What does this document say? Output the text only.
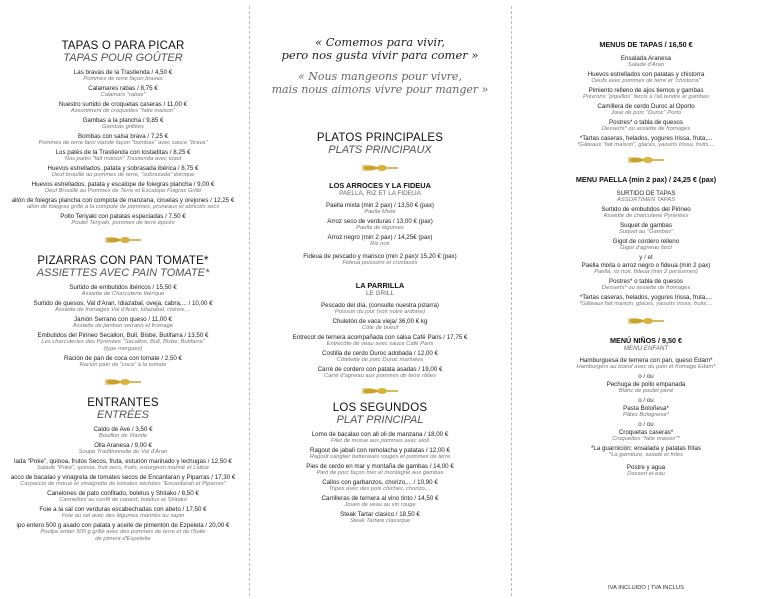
TAPAS O PARA PICAR
TAPAS POUR GOÛTER
Las bravas de la Trastienda / 4,50 €
Pommes de terre façon bravas
Calamares rabas / 8,75 €
Calamars "rabas"
Nuestro surtido de croquetas caseras / 11,00 €
Assortiment de croquettes "faite maison"
Gambas a la plancha / 9,85 €
Gambas grillées
Bombas con salsa brava / 7,25 €
Pommes de terre farci viande façon "bombas" avec sauce "brava"
Los patés de la Trastienda con tostaditas / 8,25 €
Nos patés "fait maison" Trastienda avec toast
Huevos estrellados, patata y sobrasada ibérica / 8,75 €
Oeuf brouillé au pommes de terre, "sobrasada" ibérique
Huevos estrellados, patata y escalope de foiegras plancha / 9,00 €
Oeuf Brouillé au Pommes de Terre et Escalope Foigras Grillé
allón de foiegras plancha con compota de manzana, ciruelas y orejones / 12,25 €
allon de foiegras grillé à la compote de pommes, pruneaux et abricots secs
Pollo Teriyaki con patatas especiadas / 7,50 €
Poulet Teriyaki, pommes de terre épicés
PIZARRAS CON PAN TOMATE*
ASSIETTES AVEC PAIN TOMATE*
Surtido de embutidos ibéricos / 15,50 €
Assiette de Charcuterie Ibérique
Surtido de quesos, Val d'Aran, Idiazabal, oveja, cabra,... / 10,00 €
Assiette de fromages Val d'Aran, Idiazabal, chèvre,...
Jamón Serrano con queso / 11,00 €
Assiette de jambon serrano et fromage
Embutidos del Pirineo Secallon, Bull, Bisbe, Butifarra / 13,50 €
Les charcuteries des Pyrénées "Secallon, Bull, Bisbe, Butifarra"
(type merguez)
Ración de pan de coca con tomate / 2,50 €
Ración pain de "coca" à la tomate
ENTRANTES
ENTRÉES
Caldo de Ave / 3,50 €
Bouillon de Viande
Olla Aranesa / 9,00 €
Soupe Traditionnelle du Val d'Aran
lada "Poke", quinoa, frutos Secos, fruta, esturión marinado y lechugas / 12,50 €
Salade "Poké", quinoa, fruit secs, fruits, esturgeon mariné et Laitue
acco de bacalao y vinagreta de tomates secos de Encantaran y Piparras / 17,30 €
Carpaccio de morue et vinaigrette de tomates séchées "Encantaran et Piparras"
Canelones de pato confitado, boletus y Shitako / 8,50 €
Cannelloni au confit de canard, boletus et Shitako
Foie a la sal con verduras escabechadas con abeto / 17,50 €
Foie au sel avec des légumes marinés au sapin
ipo entero 500 g asado con patata y aceite de pimentón de Ezpeleta / 20,00 €
Poulpe entier 500 g grillé avec des pommes de terre et de l'huile
de piment d'Espelette
« Comemos para vivir,
pero nos gusta vivir para comer »
« Nous mangeons pour vivre,
mais nous aimons vivre pour manger »
PLATOS PRINCIPALES
PLATS PRINCIPAUX
LOS ARROCES Y LA FIDEUA
PAELLA, RIZ ET LA FIDEUA
Paella mixta (min 2 pax) / 13,50 € (pax)
Paella Mixte
Arroz seco de verduras / 13,00 € (pax)
Paella de légumes
Arroz negro (min 2 pax) / 14,25€ (pax)
Riz noir
Fideua de pescado y marisco (min 2 pax)/ 15,20 € (pax)
Fideua poissons et crustacés
LA PARRILLA
LE GRILL
Pescado del día, (consulte nuestra pizarra)
Poisson du jour (voir notre ardoise)
Chuletón de vaca vieja/ 36,00 € kg
Côte de boeuf
Entrecot de ternera acompañada con salsa Café Paris / 17,75 €
Entrecôte de veau avec sauce Café Paris
Costilla de cerdo Duroc adobada / 12,00 €
Côtelette de porc Duroc marinées
Carré de cordero con patata asadas / 19,00 €
Carré d'agneau aux pommes de terre rôties
LOS SEGUNDOS
PLAT PRINCIPAL
Lomo de bacalao con all oli de manzana / 18,00 €
Filet de morue aux pommes avec aïoli
Ragout de jabalí con remolacha y patatas / 12,00 €
Ragoût sanglier betteraves rouges et pommes de terre
Pies de cerdo en mar y montaña de gambas / 14,00 €
Pied de porc façon mer et montagne aux gambas
Callos con garbanzos, chorizo,... / 10,90 €
Tripes avec des pois chiches, chorizo,...
Carrilleras de ternera al vino tinto / 14,50 €
Joues de veau au vin rouge
Steak Tartar clasico / 18,50 €
Steak Tartare classique
MENUS DE TAPAS / 16,50 €
Ensalada Aranesa
Salade d'Aran
Huevos estrellados con patatas y chistorra
Oeufs avec pommes de terre et "chistorra"
Pimiento relleno de ajos tiernos y gambas
Poivrons "piquillos" farcis à l'ail tendre et gambas
Camillera de cerdo Duroc al Oporto
Joue de porc "Duroc" Porto
Postres* o tabla de quesos
Desserts* ou assiette de fromages
*Tartas caseras, helados, yogures Irissa, fruta,...
*Gâteaux "fait maison", glaces, yaourts Irissa, fruits,...
MENU PAELLA (min 2 pax) / 24,25 € (pax)
SURTIDO DE TAPAS
ASSORTIMEN TAPAS
Surtido de embutidos del Pirineo
Assiette de charcuterie Pyrénées
Suquet de gambas
Suquet au "Gambas"
Gigot de cordero relleno
Gigot d'agneau farci
y / et
Paella mixta o arroz negro o fideua (min 2 pax)
Paella, riz noir, fideua (min 2 personnes)
Postres* o tabla de quesos
Desserts* ou assiette de fromages
*Tartas caseras, helados, yogures Irissa, fruta,...
*Gâteaux fait maison, glaces, yaourts Irissa, fruits,...
MENÚ NIÑOS / 9,50 €
MENU ENFANT
Hamburguesa de ternera con pan, queso Edam*
Hamburgers au boeuf avec du pain et fromage Edam*
o / ou
Pechuga de pollo empanada
Blanc de poulet pané
o / ou
Pasta Boloñesa*
Pâtes Bolognese*
o / ou
Croquetas caseras*
Croquettes "faite maison"*
*La guarnición: ensalada y patatas fritas
*La garniture, salade et frites
Postre y agua
Dessert et eau
IVA INCLUIDO | TVA INCLUS
